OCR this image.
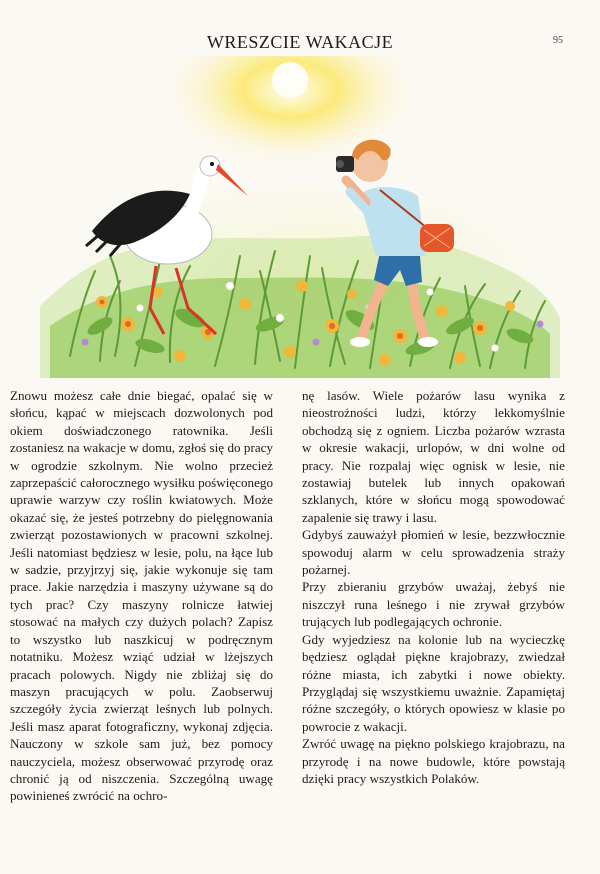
WRESZCIE WAKACJE	95

Znowu możesz całe dnie biegać, opalać się w słońcu, kąpać w miejscach dozwolonych pod okiem doświadczonego ratownika. Jeśli zostaniesz na wakacje w domu, zgłoś się do pracy w ogrodzie szkolnym. Nie wolno przecież zaprzepaścić całorocznego wysiłku poświęconego uprawie warzyw czy roślin kwiatowych. Może okazać się, że jesteś potrzebny do pielęgnowania zwierząt pozostawionych w pracowni szkolnej. Jeśli natomiast będziesz w lesie, polu, na łące lub w sadzie, przyjrzyj się, jakie wykonuje się tam prace. Jakie narzędzia i maszyny używane są do tych prac? Czy maszyny rolnicze łatwiej stosować na małych czy dużych polach? Zapisz to wszystko lub naszkicuj w podręcznym notatniku. Możesz wziąć udział w lżejszych pracach polowych. Nigdy nie zbliżaj się do maszyn pracujących w polu. Zaobserwuj szczegóły życia zwierząt leśnych lub polnych. Jeśli masz aparat fotograficzny, wykonaj zdjęcia. Nauczony w szkole sam już, bez pomocy nauczyciela, możesz obserwować przyrodę oraz chronić ją od niszczenia. Szczególną uwagę powinieneś zwrócić na ochro-

nę lasów. Wiele pożarów lasu wynika z nieostrożności ludzi, którzy lekkomyślnie obchodzą się z ogniem. Liczba pożarów wzrasta w okresie wakacji, urlopów, w dni wolne od pracy. Nie rozpalaj więc ognisk w lesie, nie zostawiaj butelek lub innych opakowań szklanych, które w słońcu mogą spowodować zapalenie się trawy i lasu.

Gdybyś zauważył płomień w lesie, bezzwłocznie spowoduj alarm w celu sprowadzenia straży pożarnej.

Przy zbieraniu grzybów uważaj, żebyś nie niszczył runa leśnego i nie zrywał grzybów trujących lub podlegających ochronie.

Gdy wyjedziesz na kolonie lub na wycieczkę będziesz oglądał piękne krajobrazy, zwiedzał różne miasta, ich zabytki i nowe obiekty. Przyglądaj się wszystkiemu uważnie. Zapamiętaj różne szczegóły, o których opowiesz w klasie po powrocie z wakacji.

Zwróć uwagę na piękno polskiego krajobrazu, na przyrodę i na nowe budowle, które powstają dzięki pracy wszystkich Polaków.
